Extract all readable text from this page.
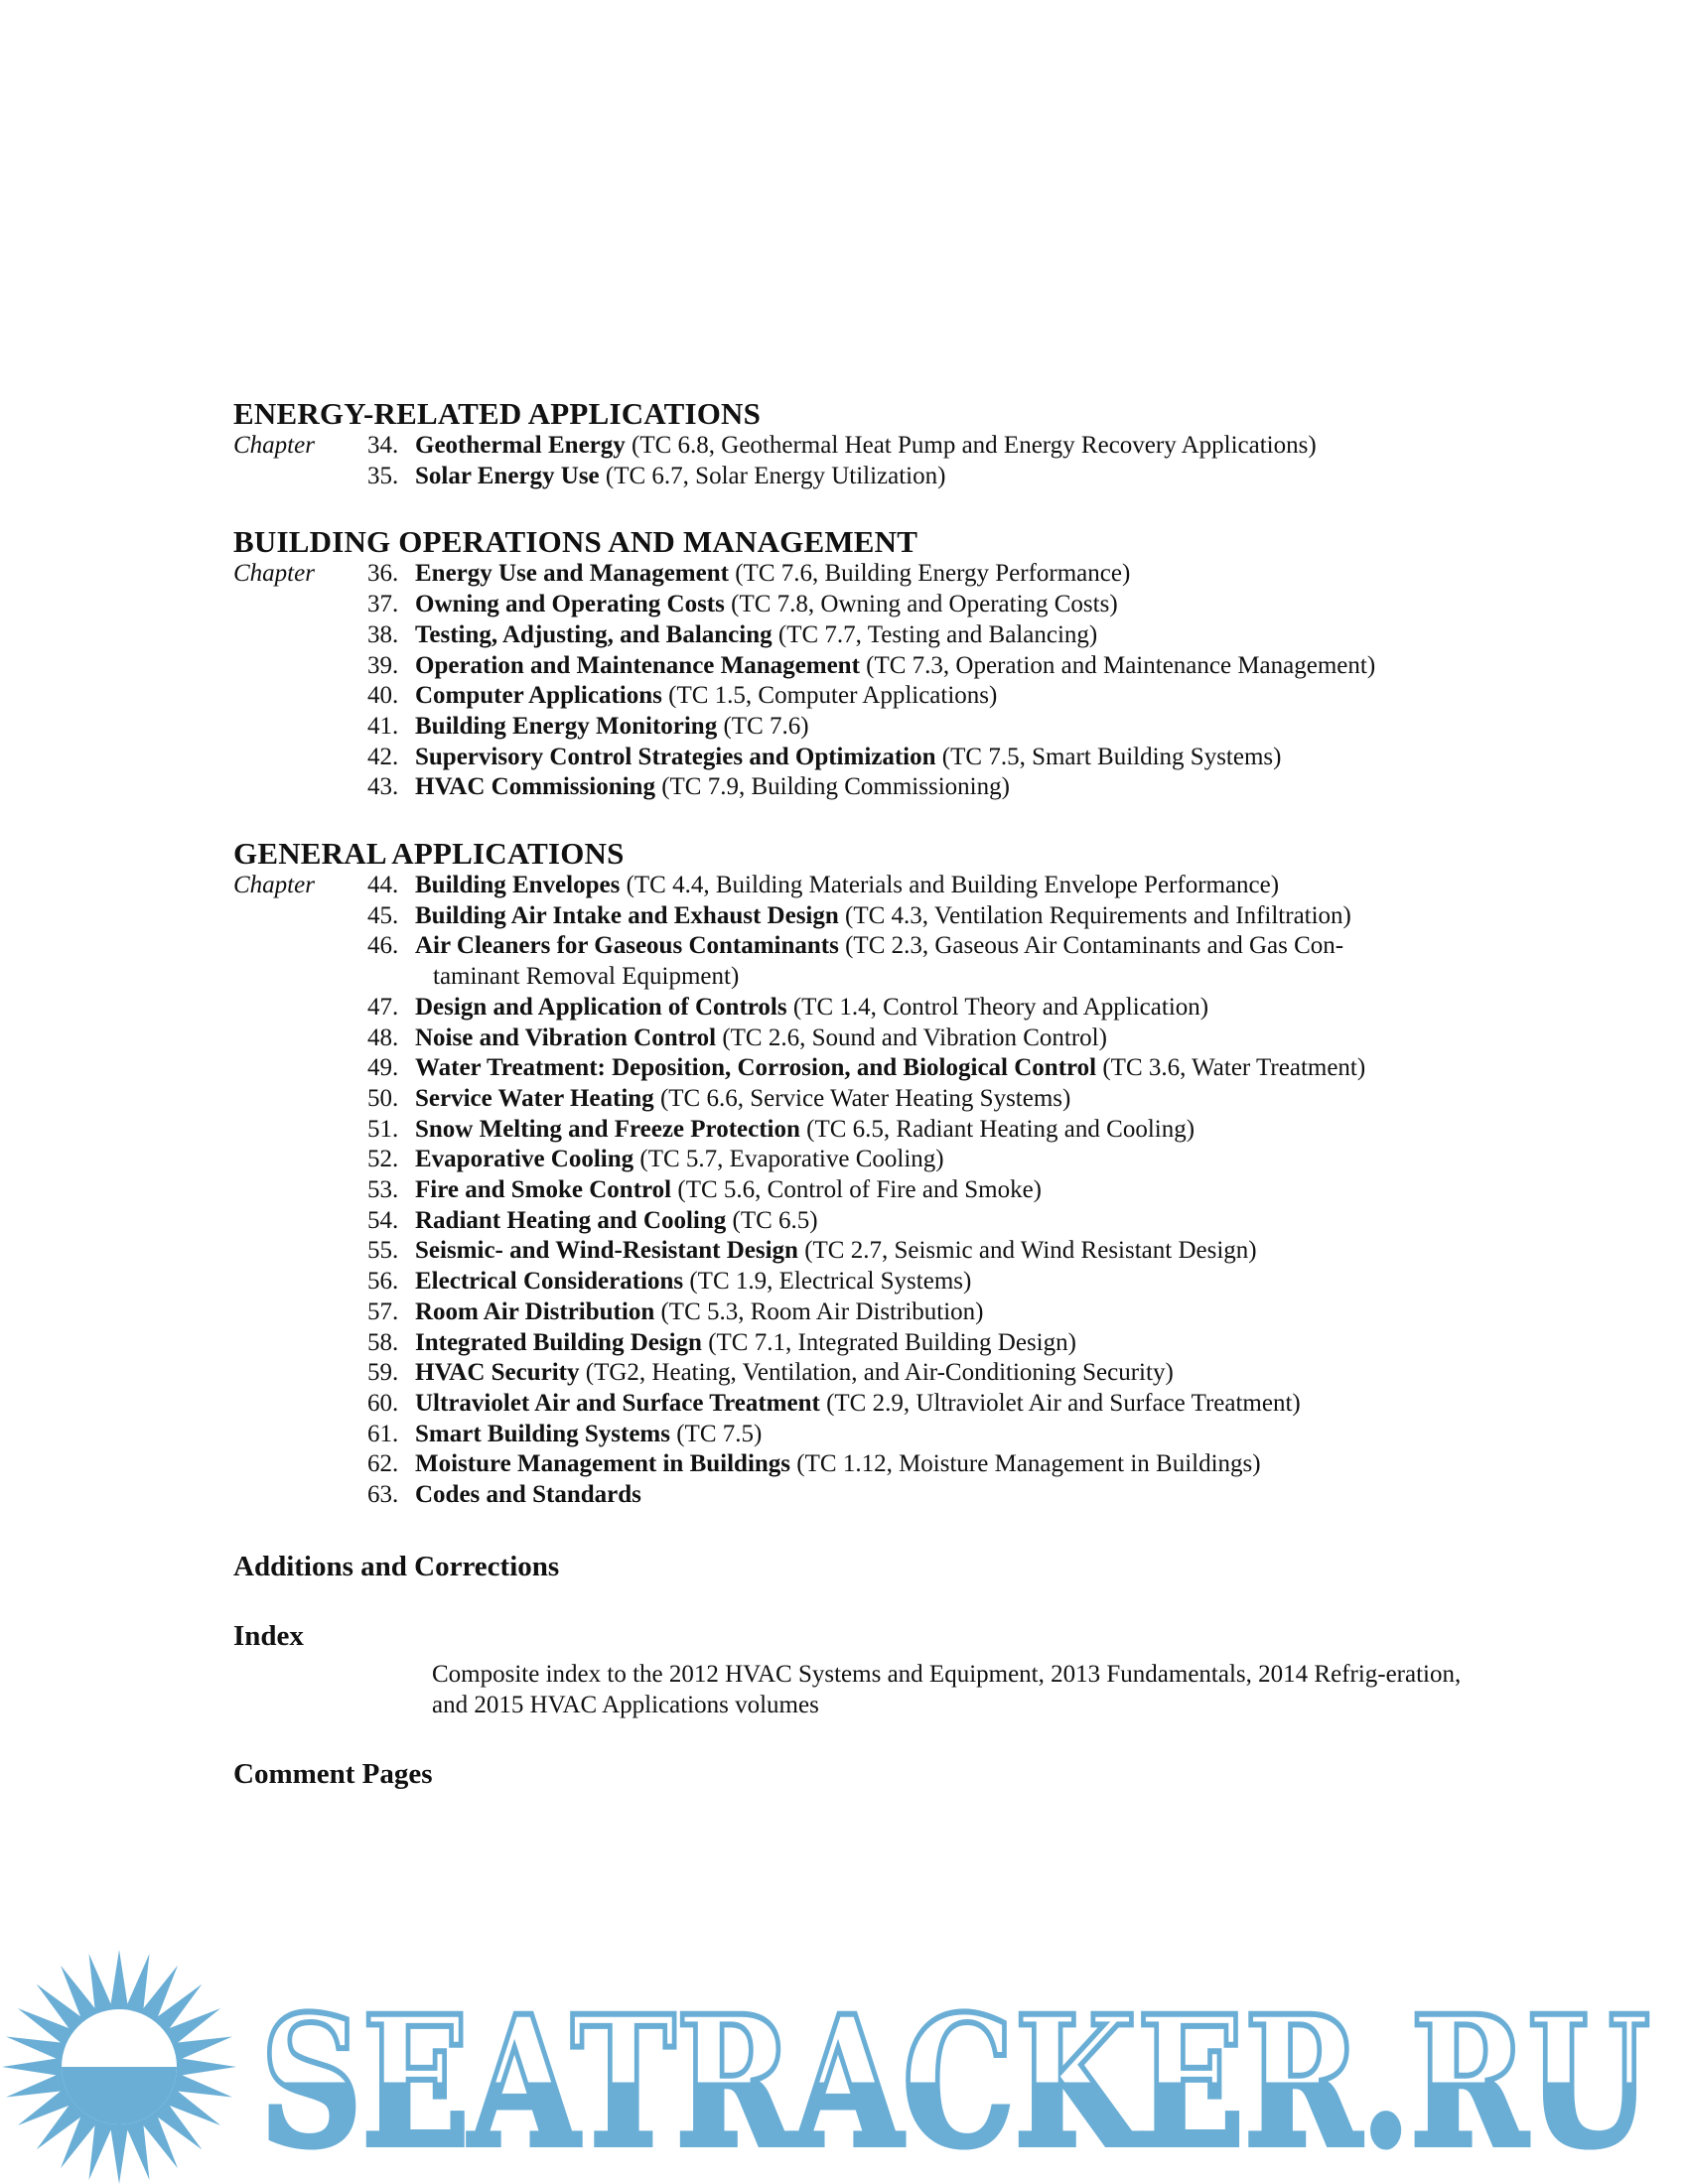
ENERGY-RELATED APPLICATIONS
Chapter 34. Geothermal Energy (TC 6.8, Geothermal Heat Pump and Energy Recovery Applications)
35. Solar Energy Use (TC 6.7, Solar Energy Utilization)
BUILDING OPERATIONS AND MANAGEMENT
Chapter 36. Energy Use and Management (TC 7.6, Building Energy Performance)
37. Owning and Operating Costs (TC 7.8, Owning and Operating Costs)
38. Testing, Adjusting, and Balancing (TC 7.7, Testing and Balancing)
39. Operation and Maintenance Management (TC 7.3, Operation and Maintenance Management)
40. Computer Applications (TC 1.5, Computer Applications)
41. Building Energy Monitoring (TC 7.6)
42. Supervisory Control Strategies and Optimization (TC 7.5, Smart Building Systems)
43. HVAC Commissioning (TC 7.9, Building Commissioning)
GENERAL APPLICATIONS
Chapter 44. Building Envelopes (TC 4.4, Building Materials and Building Envelope Performance)
45. Building Air Intake and Exhaust Design (TC 4.3, Ventilation Requirements and Infiltration)
46. Air Cleaners for Gaseous Contaminants (TC 2.3, Gaseous Air Contaminants and Gas Con-
taminant Removal Equipment)
47. Design and Application of Controls (TC 1.4, Control Theory and Application)
48. Noise and Vibration Control (TC 2.6, Sound and Vibration Control)
49. Water Treatment: Deposition, Corrosion, and Biological Control (TC 3.6, Water Treatment)
50. Service Water Heating (TC 6.6, Service Water Heating Systems)
51. Snow Melting and Freeze Protection (TC 6.5, Radiant Heating and Cooling)
52. Evaporative Cooling (TC 5.7, Evaporative Cooling)
53. Fire and Smoke Control (TC 5.6, Control of Fire and Smoke)
54. Radiant Heating and Cooling (TC 6.5)
55. Seismic- and Wind-Resistant Design (TC 2.7, Seismic and Wind Resistant Design)
56. Electrical Considerations (TC 1.9, Electrical Systems)
57. Room Air Distribution (TC 5.3, Room Air Distribution)
58. Integrated Building Design (TC 7.1, Integrated Building Design)
59. HVAC Security (TG2, Heating, Ventilation, and Air-Conditioning Security)
60. Ultraviolet Air and Surface Treatment (TC 2.9, Ultraviolet Air and Surface Treatment)
61. Smart Building Systems (TC 7.5)
62. Moisture Management in Buildings (TC 1.12, Moisture Management in Buildings)
63. Codes and Standards
Additions and Corrections
Index
Composite index to the 2012 HVAC Systems and Equipment, 2013 Fundamentals, 2014 Refrig-eration, and 2015 HVAC Applications volumes
Comment Pages
SEATRACKER.RU
